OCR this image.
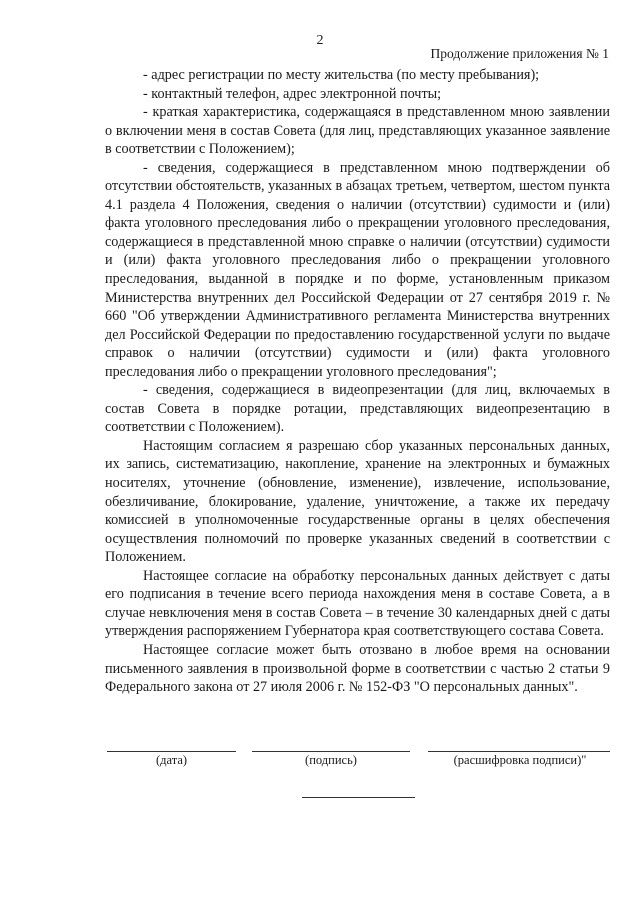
2
Продолжение приложения № 1

- адрес регистрации по месту жительства (по месту пребывания);

- контактный телефон, адрес электронной почты;

- краткая характеристика, содержащаяся в представленном мною заявлении о включении меня в состав Совета (для лиц, представляющих указанное заявление в соответствии с Положением);

- сведения, содержащиеся в представленном мною подтверждении об отсутствии обстоятельств, указанных в абзацах третьем, четвертом, шестом пункта 4.1 раздела 4 Положения, сведения о наличии (отсутствии) судимости и (или) факта уголовного преследования либо о прекращении уголовного преследования, содержащиеся в представленной мною справке о наличии (отсутствии) судимости и (или) факта уголовного преследования либо о прекращении уголовного преследования, выданной в порядке и по форме, установленным приказом Министерства внутренних дел Российской Федерации от 27 сентября 2019 г. № 660 "Об утверждении Административного регламента Министерства внутренних дел Российской Федерации по предоставлению государственной услуги по выдаче справок о наличии (отсутствии) судимости и (или) факта уголовного преследования либо о прекращении уголовного преследования";

- сведения, содержащиеся в видеопрезентации (для лиц, включаемых в состав Совета в порядке ротации, представляющих видеопрезентацию в соответствии с Положением).

Настоящим согласием я разрешаю сбор указанных персональных данных, их запись, систематизацию, накопление, хранение на электронных и бумажных носителях, уточнение (обновление, изменение), извлечение, использование, обезличивание, блокирование, удаление, уничтожение, а также их передачу комиссией в уполномоченные государственные органы в целях обеспечения осуществления полномочий по проверке указанных сведений в соответствии с Положением.

Настоящее согласие на обработку персональных данных действует с даты его подписания в течение всего периода нахождения меня в составе Совета, а в случае невключения меня в состав Совета – в течение 30 календарных дней с даты утверждения распоряжением Губернатора края соответствующего состава Совета.

Настоящее согласие может быть отозвано в любое время на основании письменного заявления в произвольной форме в соответствии с частью 2 статьи 9 Федерального закона от 27 июля 2006 г. № 152-ФЗ "О персональных данных".

(дата)	(подпись)	(расшифровка подписи)"
